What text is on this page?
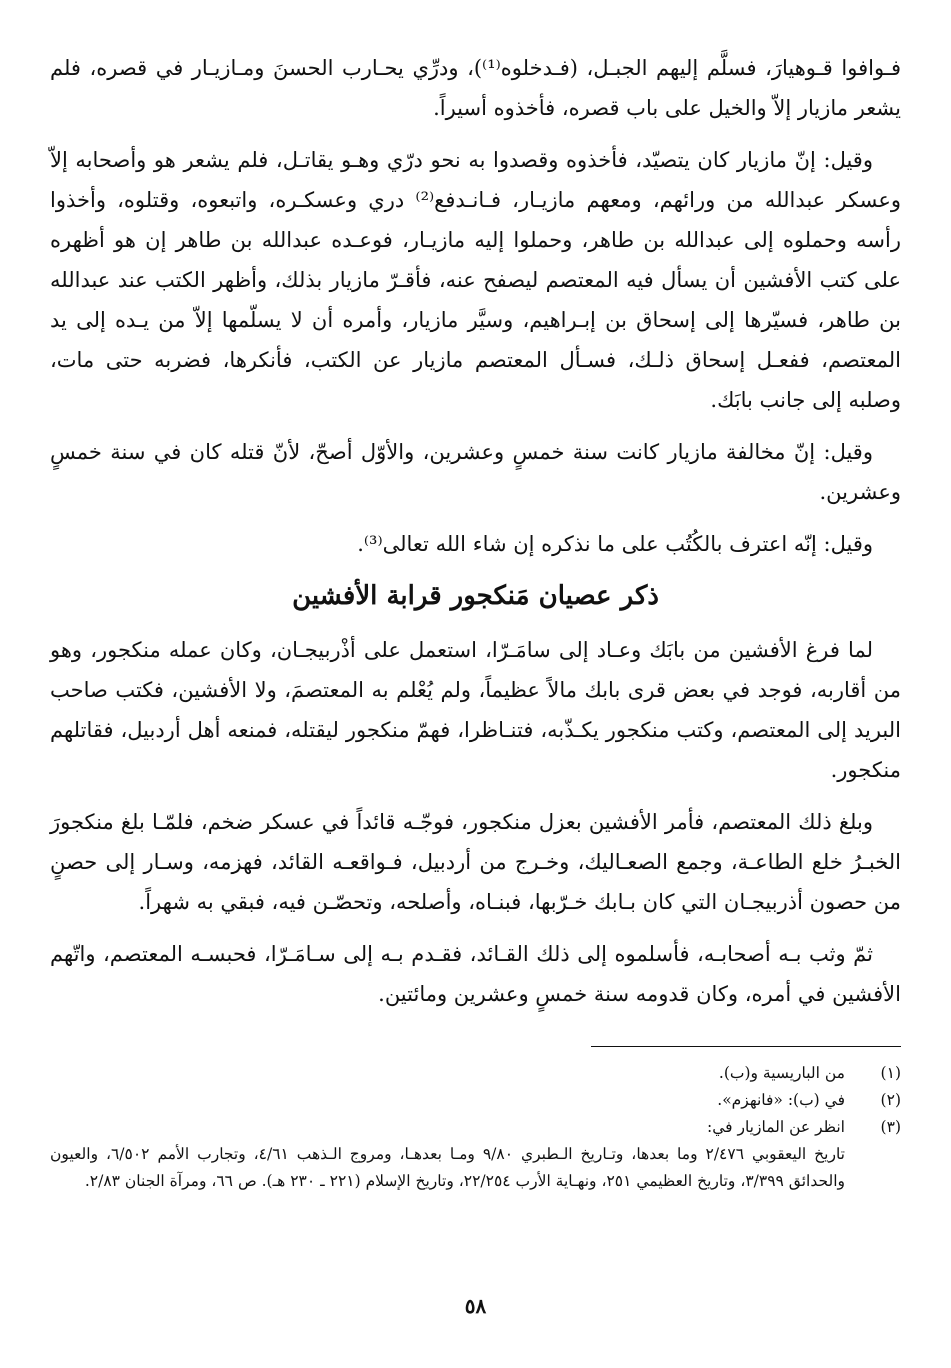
فـوافوا قـوهيارَ، فسلَّم إليهم الجبـل، (فـدخلوه⁽¹⁾)، ودرِّي يحـارب الحسنَ ومـازيـار في قصره، فلم يشعر مازيار إلاّ والخيل على باب قصره، فأخذوه أسيراً.

وقيل: إنّ مازيار كان يتصيّد، فأخذوه وقصدوا به نحو درّي وهـو يقاتـل، فلم يشعر هو وأصحابه إلاّ وعسكر عبدالله من ورائهم، ومعهم مازيـار، فـانـدفع⁽²⁾ دري وعسكـره، واتبعوه، وقتلوه، وأخذوا رأسه وحملوه إلى عبدالله بن طاهر، وحملوا إليه مازيـار، فوعـده عبدالله بن طاهر إن هو أظهره على كتب الأفشين أن يسأل فيه المعتصم ليصفح عنه، فأقـرّ مازيار بذلك، وأظهر الكتب عند عبدالله بن طاهر، فسيّرها إلى إسحاق بن إبـراهيم، وسيَّر مازيار، وأمره أن لا يسلّمها إلاّ من يـده إلى يد المعتصم، ففعـل إسحاق ذلـك، فسـأل المعتصم مازيار عن الكتب، فأنكرها، فضربه حتى مات، وصلبه إلى جانب بابَك.

وقيل: إنّ مخالفة مازيار كانت سنة خمسٍ وعشرين، والأوّل أصحّ، لأنّ قتله كان في سنة خمسٍ وعشرين.

وقيل: إنّه اعترف بالكُتُب على ما نذكره إن شاء الله تعالى⁽³⁾.

ذكر عصيان مَنكجور قرابة الأفشين

لما فرغ الأفشين من بابَك وعـاد إلى سامَـرّا، استعمل على أذْربيجـان، وكان عمله منكجور، وهو من أقاربه، فوجد في بعض قرى بابك مالاً عظيماً، ولم يُعْلم به المعتصمَ، ولا الأفشين، فكتب صاحب البريد إلى المعتصم، وكتب منكجور يكـذّبه، فتنـاظرا، فهمّ منكجور ليقتله، فمنعه أهل أردبيل، فقاتلهم منكجور.

وبلغ ذلك المعتصم، فأمر الأفشين بعزل منكجور، فوجّـه قائداً في عسكر ضخم، فلمّـا بلغ منكجورَ الخبـرُ خلع الطاعـة، وجمع الصعـاليك، وخـرج من أردبيل، فـواقعـه القائد، فهزمه، وسـار إلى حصنٍ من حصون أذربيجـان التي كان بـابك خـرّبها، فبنـاه، وأصلحه، وتحصّـن فيه، فبقي به شهراً.

ثمّ وثب بـه أصحابـه، فأسلموه إلى ذلك القـائد، فقـدم بـه إلى سـامَـرّا، فحبسـه المعتصم، واتّهم الأفشين في أمره، وكان قدومه سنة خمسٍ وعشرين ومائتين.

(١)
من الباريسية و(ب).
(٢)
في (ب): «فانهزم».
(٣)
انظر عن المازيار في:
تاريخ اليعقوبي ٢/٤٧٦ وما بعدها، وتـاريخ الـطبري ٩/٨٠ ومـا بعدهـا، ومروج الـذهب ٤/٦١، وتجارب الأمم ٦/٥٠٢، والعيون والحدائق ٣/٣٩٩، وتاريخ العظيمي ٢٥١، ونهـاية الأرب ٢٢/٢٥٤، وتاريخ الإسلام (٢٢١ ـ ٢٣٠ هـ). ص ٦٦، ومرآة الجنان ٢/٨٣.
٥٨
